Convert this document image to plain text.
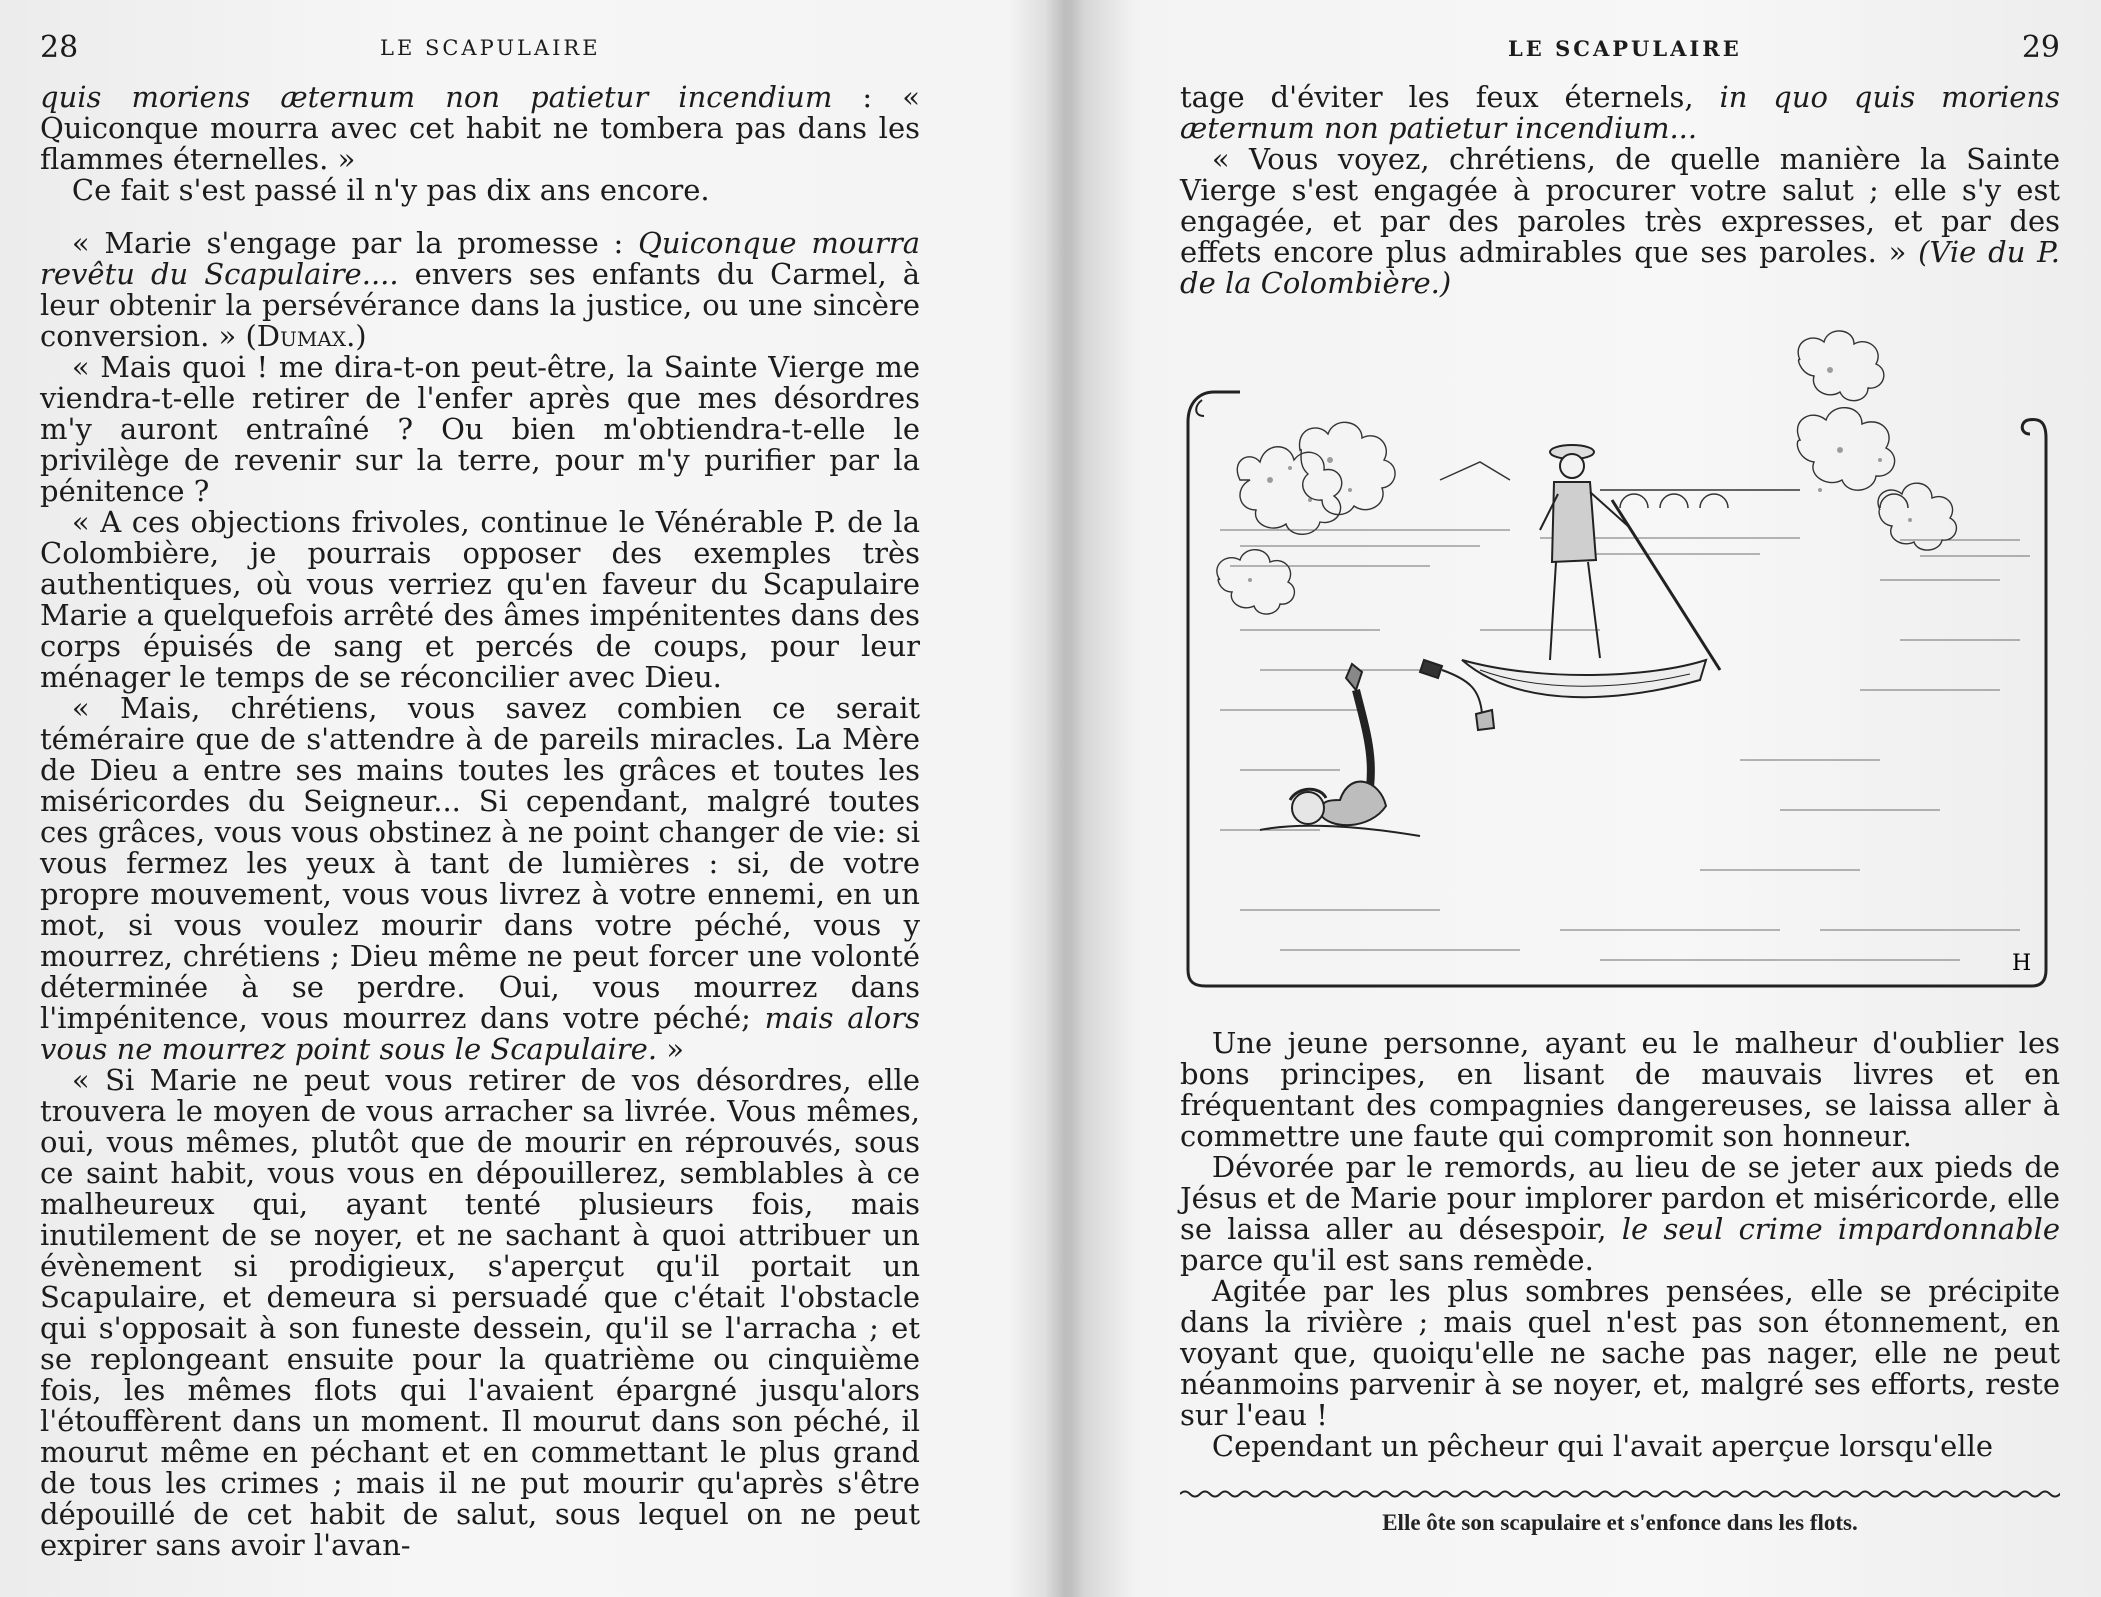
28	LE SCAPULAIRE

quis moriens æternum non patietur incendium : « Quiconque mourra avec cet habit ne tombera pas dans les flammes éternelles. »

Ce fait s'est passé il n'y pas dix ans encore.

« Marie s'engage par la promesse : Quiconque mourra revêtu du Scapulaire.... envers ses enfants du Carmel, à leur obtenir la persévérance dans la justice, ou une sincère conversion. » (Dumax.)

« Mais quoi ! me dira-t-on peut-être, la Sainte Vierge me viendra-t-elle retirer de l'enfer après que mes désordres m'y auront entraîné ? Ou bien m'obtiendra-t-elle le privilège de revenir sur la terre, pour m'y purifier par la pénitence ?

« A ces objections frivoles, continue le Vénérable P. de la Colombière, je pourrais opposer des exemples très authentiques, où vous verriez qu'en faveur du Scapulaire Marie a quelquefois arrêté des âmes impénitentes dans des corps épuisés de sang et percés de coups, pour leur ménager le temps de se réconcilier avec Dieu.

« Mais, chrétiens, vous savez combien ce serait téméraire que de s'attendre à de pareils miracles. La Mère de Dieu a entre ses mains toutes les grâces et toutes les miséricordes du Seigneur... Si cependant, malgré toutes ces grâces, vous vous obstinez à ne point changer de vie: si vous fermez les yeux à tant de lumières : si, de votre propre mouvement, vous vous livrez à votre ennemi, en un mot, si vous voulez mourir dans votre péché, vous y mourrez, chrétiens ; Dieu même ne peut forcer une volonté déterminée à se perdre. Oui, vous mourrez dans l'impénitence, vous mourrez dans votre péché; mais alors vous ne mourrez point sous le Scapulaire. »

« Si Marie ne peut vous retirer de vos désordres, elle trouvera le moyen de vous arracher sa livrée. Vous mêmes, oui, vous mêmes, plutôt que de mourir en réprouvés, sous ce saint habit, vous vous en dépouillerez, semblables à ce malheureux qui, ayant tenté plusieurs fois, mais inutilement de se noyer, et ne sachant à quoi attribuer un évènement si prodigieux, s'aperçut qu'il portait un Scapulaire, et demeura si persuadé que c'était l'obstacle qui s'opposait à son funeste dessein, qu'il se l'arracha ; et se replongeant ensuite pour la quatrième ou cinquième fois, les mêmes flots qui l'avaient épargné jusqu'alors l'étouffèrent dans un moment. Il mourut dans son péché, il mourut même en péchant et en commettant le plus grand de tous les crimes ; mais il ne put mourir qu'après s'être dépouillé de cet habit de salut, sous lequel on ne peut expirer sans avoir l'avan-

LE SCAPULAIRE	29

tage d'éviter les feux éternels, in quo quis moriens æternum non patietur incendium...

« Vous voyez, chrétiens, de quelle manière la Sainte Vierge s'est engagée à procurer votre salut ; elle s'y est engagée, et par des paroles très expresses, et par des effets encore plus admirables que ses paroles. » (Vie du P. de la Colombière.)

H

Une jeune personne, ayant eu le malheur d'oublier les bons principes, en lisant de mauvais livres et en fréquentant des compagnies dangereuses, se laissa aller à commettre une faute qui compromit son honneur.

Dévorée par le remords, au lieu de se jeter aux pieds de Jésus et de Marie pour implorer pardon et miséricorde, elle se laissa aller au désespoir, le seul crime impardonnable parce qu'il est sans remède.

Agitée par les plus sombres pensées, elle se précipite dans la rivière ; mais quel n'est pas son étonnement, en voyant que, quoiqu'elle ne sache pas nager, elle ne peut néanmoins parvenir à se noyer, et, malgré ses efforts, reste sur l'eau !

Cependant un pêcheur qui l'avait aperçue lorsqu'elle

Elle ôte son scapulaire et s'enfonce dans les flots.
